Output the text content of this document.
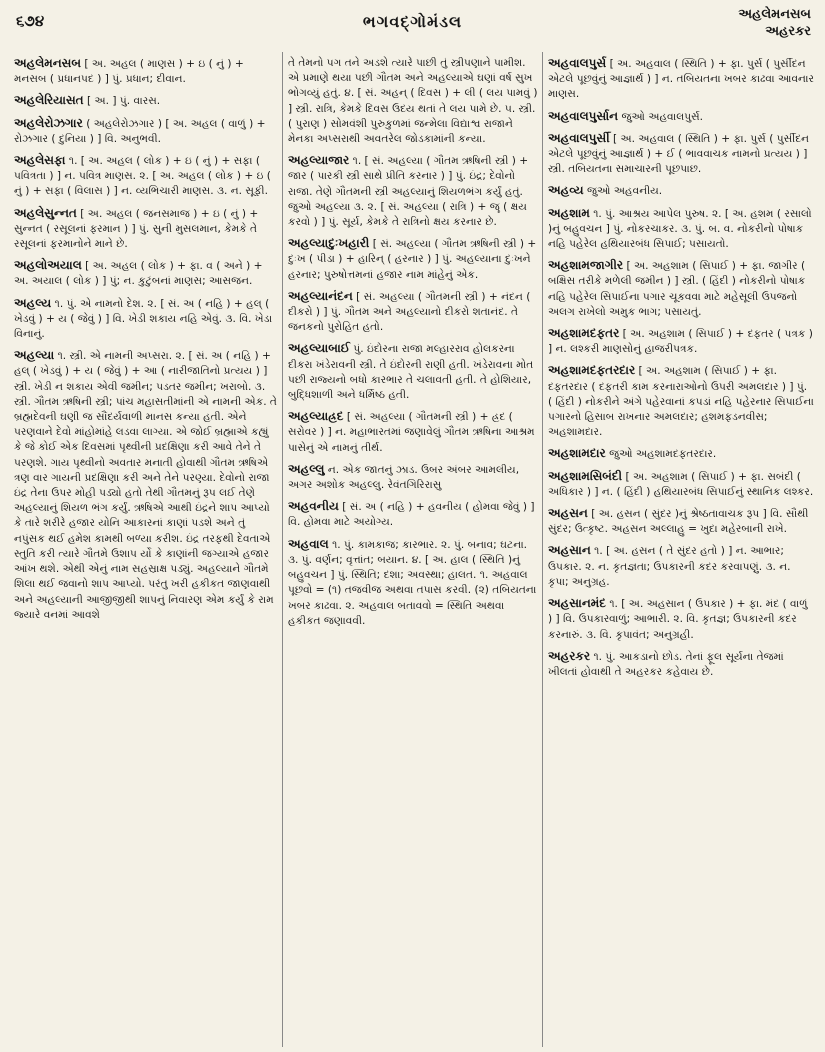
૬૭૪	ભગવદ્ગોમંડલ	અહલેમનસબ
અહરકર

અહલેમનસબ [ અ. અહલ ( માણસ ) + ઇ ( નું ) + મનસબ ( પ્રધાનપદ ) ] પું. પ્રધાન; દીવાન.

અહલેરિયાસત [ અ. ] પું. વારસ.

અહલેરોઝગાર ( અહલેરોઝગાર ) [ અ. અહલ ( વાળું ) + રોઝગાર ( દુનિયા ) ] વિ. અનુભવી.

અહલેસફા ૧. [ અ. અહલ ( લોક ) + ઇ ( નું ) + સફા ( પવિત્રતા ) ] ન. પવિત્ર માણસ. ૨. [ અ. અહલ ( લોક ) + ઇ ( નું ) + સફા ( વિલાસ ) ] ન. વ્યભિચારી માણસ. ૩. ન. સૂફી.

અહલેસુન્નત [ અ. અહલ ( જનસમાજ ) + ઇ ( નું ) + સુન્નત ( રસૂલનાં ફરમાન ) ] પું. સુની મુસલમાન, કેમકે તે રસૂલનાં ફરમાનોને માને છે.

અહલોઅયાલ [ અ. અહલ ( લોક ) + ફા. વ ( અને ) + અ. અયાલ ( લોક ) ] પું; ન. કુટુંબનાં માણસ; આસજન.

અહલ્ય ૧. પું. એ નામનો દેશ. ૨. [ સં. અ ( નહિ ) + હલ્ ( ખેડવું ) + ય ( જેવું ) ] વિ. ખેડી શકાય નહિ એવું. ૩. વિ. ખેડા વિનાનું.

અહલ્યા ૧. સ્ત્રી. એ નામની અપ્સરા. ૨. [ સં. અ ( નહિ ) + હલ્ ( ખેડવું ) + ય ( જેવું ) + આ ( નારીજાતિનો પ્રત્યય ) ] સ્ત્રી. ખેડી ન શકાય એવી જમીન; પડતર જમીન; ખરાબો. ૩. સ્ત્રી. ગૌતમ ઋષિની સ્ત્રી; પાંચ મહાસતીમાંની એ નામની એક. તે બ્રહ્મદેવની ઘણી જ સૌંદર્યવાળી માનસ કન્યા હતી. એને પરણવાને દેવો માંહોમાંહે લડવા લાગ્યા. એ જોઈ બ્રહ્માએ કહ્યું કે જે કોઈ એક દિવસમાં પૃથ્વીની પ્રદક્ષિણા કરી આવે તેને તે પરણશે. ગાય પૃથ્વીનો અવતાર મનાતી હોવાથી ગૌતમ ઋષિએ ત્રણ વાર ગાયની પ્રદક્ષિણા કરી અને તેને પરણ્યા. દેવોનો રાજા ઇંદ્ર તેના ઉપર મોહી પડ્યો હતો તેથી ગૌતમનું રૂપ લઈ તેણે અહલ્યાનું શિયળ ભંગ કર્યું. ઋષિએ આથી ઇંદ્રને શાપ આપ્યો કે તારે શરીરે હજાર યોનિ આકારનાં કાણાં પડશે અને તું નપુંસક થઈ હમેશ કામથી બળ્યા કરીશ. ઇંદ્ર તરફથી દેવતાએ સ્તુતિ કરી ત્યારે ગૌતમે ઉશાપ ર્યો કે કાણાંની જગ્યાએ હજાર આંખ થશે. એથી એનું નામ સહસ્રાક્ષ પડ્યું. અહલ્યાને ગૌતમે શિલા થઈ જવાનો શાપ આપ્યો. પરંતુ ખરી હકીકત જાણવાથી અને અહલ્યાની આજીજીથી શાપનું નિવારણ એમ કર્યું કે રામ જ્યારે વનમાં આવશે

તે તેમનો પગ તને અડશે ત્યારે પાછી તું સ્ત્રીપણાને પામીશ. એ પ્રમાણે થયા પછી ગૌતમ અને અહલ્યાએ ઘણાં વર્ષ સુખ ભોગવ્યું હતું. ૪. [ સં. અહન્ ( દિવસ ) + લી ( લય પામવું ) ] સ્ત્રી. રાત્રિ, કેમકે દિવસ ઉદય થતાં તે લય પામે છે. ૫. સ્ત્રી. ( પુરાણ ) સોમવંશી પુરુકુળમાં જન્મેલા વિદ્યાશ્વ રાજાને મેનકા અપ્સરાથી અવતરેલ જોડકામાંની કન્યા.

અહલ્યાજાર ૧. [ સં. અહલ્યા ( ગૌતમ ઋષિની સ્ત્રી ) + જાર ( પારકી સ્ત્રી સાથે પ્રીતિ કરનાર ) ] પું. ઇંદ્ર; દેવોનો રાજા. તેણે ગૌતમની સ્ત્રી અહલ્યાનું શિયળભંગ કર્યું હતું. જુઓ અહલ્યા ૩. ૨. [ સં. અહલ્યા ( રાત્રિ ) + જૄ ( ક્ષય કરવો ) ] પું. સૂર્ય, કેમકે તે રાત્રિનો ક્ષય કરનાર છે.

અહલ્યાદુઃખહારી [ સં. અહલ્યા ( ગૌતમ ઋષિની સ્ત્રી ) + દુઃખ ( પીડા ) + હારિન્ ( હરનાર ) ] પું. અહલ્યાના દુઃખને હરનાર; પુરુષોત્તમનાં હજાર નામ માંહેનું એક.

અહલ્યાનંદન [ સં. અહલ્યા ( ગૌતમની સ્ત્રી ) + નંદન ( દીકરો ) ] પું. ગૌતમ અને અહલ્યાનો દીકરો શતાનંદ. તે જનકનો પુરોહિત હતો.

અહલ્યાબાઈ પું. ઇંદોરના રાજા મલ્હારરાવ હોલકરના દીકરા ખંડેરાવની સ્ત્રી. તે ઇંદોરની રાણી હતી. ખંડેરાવના મોત પછી રાજ્યનો બધો કારભાર તે ચલાવતી હતી. તે હોશિયાર, બુદ્ધિશાળી અને ધર્મિષ્ઠ હતી.

અહલ્યાહ્રદ [ સં. અહલ્યા ( ગૌતમની સ્ત્રી ) + હ્રદ ( સરોવર ) ] ન. મહાભારતમાં જણાવેલું ગૌતમ ઋષિના આશ્રમ પાસેનું એ નામનું તીર્થ.

અહલ્લુ ન. એક જાતનું ઝાડ. ઉબર અંબર આમલીય, અગર અશોક અહલ્લુ. રેવંતગિરિરાસુ

અહવનીય [ સં. અ ( નહિ ) + હવનીય ( હોમવા જેવું ) ] વિ. હોમવા માટે અયોગ્ય.

અહવાલ ૧. પું. કામકાજ; કારભાર. ૨. પું. બનાવ; ઘટના. ૩. પું. વર્ણન; વૃત્તાંત; બયાન. ૪. [ અ. હાલ ( સ્થિતિ )નું બહુવચન ] પું. સ્થિતિ; દશા; અવસ્થા; હાલત. ૧. અહવાલ પૂછવો = (૧) તજવીજ અથવા તપાસ કરવી. (૨) તબિયતના ખબર કાઢવા. ૨. અહવાલ બતાવવો = સ્થિતિ અથવા હકીકત જણાવવી.

અહવાલપુર્સ [ અ. અહવાલ ( સ્થિતિ ) + ફા. પુર્સ ( પુર્સીદન એટલે પૂછવુંનું આજ્ઞાર્થ ) ] ન. તબિયતના ખબર કાઢવા આવનાર માણસ.

અહવાલપુર્સાન જુઓ અહવાલપુર્સ.

અહવાલપુર્સી [ અ. અહવાલ ( સ્થિતિ ) + ફા. પુર્સ ( પુર્સીદન એટલે પૂછવુંનું આજ્ઞાર્થ ) + ઈ ( ભાવવાચક નામનો પ્રત્યય ) ] સ્ત્રી. તબિયતના સમાચારની પૂછપાછ.

અહવ્ય જુઓ અહવનીય.

અહશામ ૧. પું. આશ્રય આપેલ પુરુષ. ૨. [ અ. હશમ ( રસાલો )નું બહુવચન ] પું. નોકરચાકર. ૩. પું. બ. વ. નોકરીનો પોષાક નહિ પહેરેલ હથિયારબંધ સિપાઈ; પસાયતો.

અહશામજાગીર [ અ. અહશામ ( સિપાઈ ) + ફા. જાગીર ( બક્ષિસ તરીકે મળેલી જમીન ) ] સ્ત્રી. ( હિંદી ) નોકરીનો પોષાક નહિ પહેરેલ સિપાઈના પગાર ચૂકવવા માટે મહેસૂલી ઉપજનો અલગ રાખેલો અમુક ભાગ; પસાયતું.

અહશામદફતર [ અ. અહશામ ( સિપાઈ ) + દફતર ( પત્રક ) ] ન. લશ્કરી માણસોનું હાજરીપત્રક.

અહશામદફતરદાર [ અ. અહશામ ( સિપાઈ ) + ફા. દફતરદાર ( દફતરી કામ કરનારાઓનો ઉપરી અમલદાર ) ] પું. ( હિંદી ) નોકરીને અંગે પહેરવાનાં કપડાં નહિ પહેરનાર સિપાઈના પગારનો હિસાબ રાખનાર અમલદાર; હશમફડનવીસ; અહશામદાર.

અહશામદાર જુઓ અહશામદફતરદાર.

અહશામસિબંદી [ અ. અહશામ ( સિપાઈ ) + ફા. સબંદી ( અધિકાર ) ] ન. ( હિંદી ) હથિયારબંધ સિપાઈનું સ્થાનિક લશ્કર.

અહસન [ અ. હસન ( સુંદર )નું શ્રેષ્ઠતાવાચક રૂપ ] વિ. સૌથી સુંદર; ઉત્કૃષ્ટ. અહસન અલ્લાહુ = ખુદા મહેરબાની રાખે.

અહસાન ૧. [ અ. હસન ( તે સુંદર હતો ) ] ન. આભાર; ઉપકાર. ૨. ન. કૃતજ્ઞતા; ઉપકારની કદર કરવાપણું. ૩. ન. કૃપા; અનુગ્રહ.

અહસાનમંદ ૧. [ અ. અહસાન ( ઉપકાર ) + ફા. મંદ ( વાળું ) ] વિ. ઉપકારવાળું; આભારી. ૨. વિ. કૃતજ્ઞ; ઉપકારની કદર કરનારું. ૩. વિ. કૃપાવંત; અનુગ્રહી.

અહરકર ૧. પું. આકડાનો છોડ. તેનાં ફૂલ સૂર્યના તેજમાં ખીલતાં હોવાથી તે અહરકર કહેવાય છે.
